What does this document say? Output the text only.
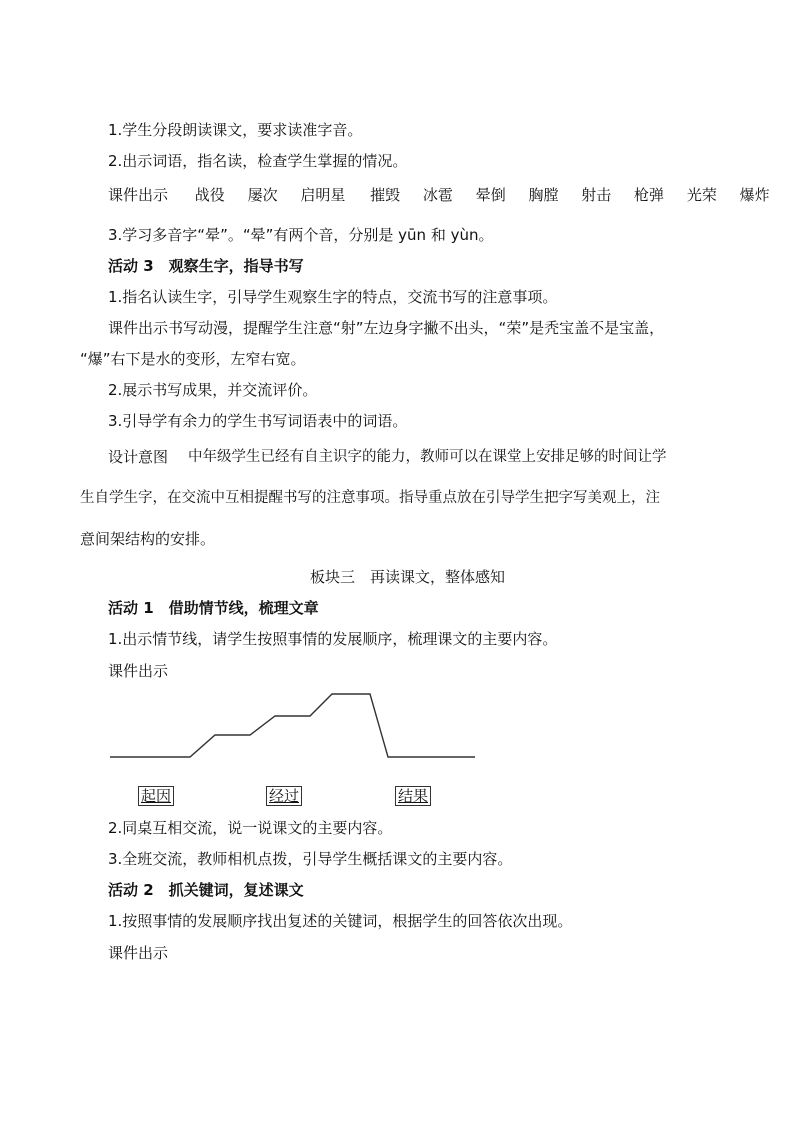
1.学生分段朗读课文，要求读准字音。
2.出示词语，指名读，检查学生掌握的情况。
课件出示 战役 屡次 启明星 摧毁 冰雹 晕倒 胸膛 射击 枪弹 光荣 爆炸
3.学习多音字“晕”。“晕”有两个音，分别是 yūn 和 yùn。
活动 3　观察生字，指导书写
1.指名认读生字，引导学生观察生字的特点，交流书写的注意事项。
课件出示书写动漫，提醒学生注意“射”左边身字撇不出头，“荣”是秃宝盖不是宝盖，
“爆”右下是水的变形，左窄右宽。
2.展示书写成果，并交流评价。
3.引导学有余力的学生书写词语表中的词语。
设计意图 中年级学生已经有自主识字的能力，教师可以在课堂上安排足够的时间让学
生自学生字，在交流中互相提醒书写的注意事项。指导重点放在引导学生把字写美观上，注
意间架结构的安排。
板块三　再读课文，整体感知
活动 1　借助情节线，梳理文章
1.出示情节线，请学生按照事情的发展顺序，梳理课文的主要内容。
课件出示
起因	经过	结果
2.同桌互相交流，说一说课文的主要内容。
3.全班交流，教师相机点拨，引导学生概括课文的主要内容。
活动 2　抓关键词，复述课文
1.按照事情的发展顺序找出复述的关键词，根据学生的回答依次出现。
课件出示
